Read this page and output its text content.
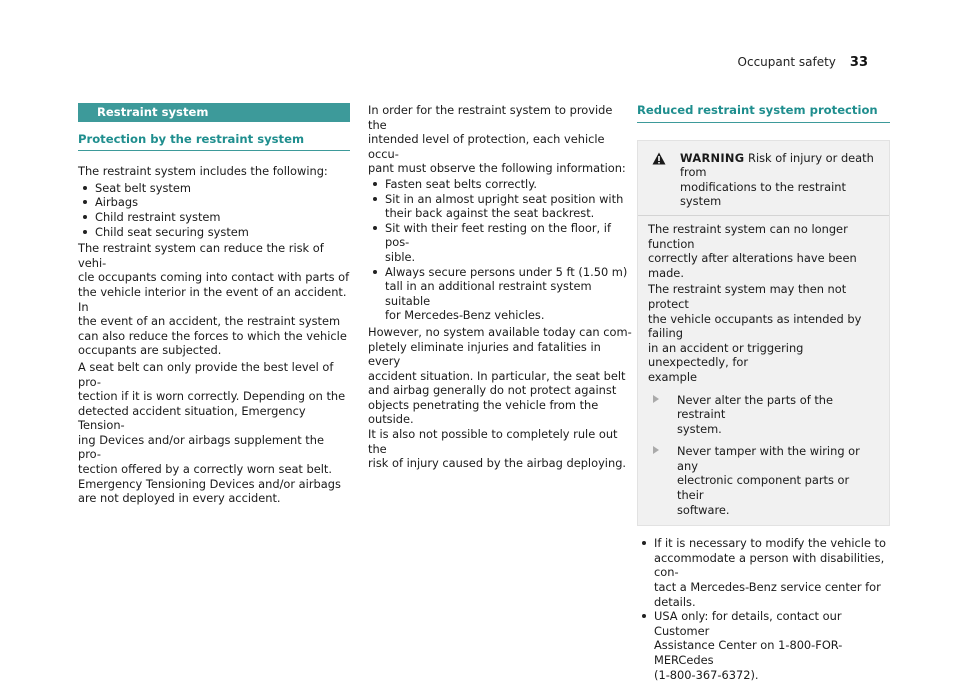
Occupant safety 33
Restraint system
Protection by the restraint system

The restraint system includes the following:

Seat belt system
Airbags
Child restraint system
Child seat securing system

The restraint system can reduce the risk of vehi-
cle occupants coming into contact with parts of
the vehicle interior in the event of an accident. In
the event of an accident, the restraint system
can also reduce the forces to which the vehicle
occupants are subjected.

A seat belt can only provide the best level of pro-
tection if it is worn correctly. Depending on the
detected accident situation, Emergency Tension-
ing Devices and/or airbags supplement the pro-
tection offered by a correctly worn seat belt.
Emergency Tensioning Devices and/or airbags
are not deployed in every accident.

In order for the restraint system to provide the
intended level of protection, each vehicle occu-
pant must observe the following information:

Fasten seat belts correctly.
Sit in an almost upright seat position with
their back against the seat backrest.
Sit with their feet resting on the floor, if pos-
sible.
Always secure persons under 5 ft (1.50 m)
tall in an additional restraint system suitable
for Mercedes-Benz vehicles.

However, no system available today can com-
pletely eliminate injuries and fatalities in every
accident situation. In particular, the seat belt
and airbag generally do not protect against
objects penetrating the vehicle from the outside.
It is also not possible to completely rule out the
risk of injury caused by the airbag deploying.

Reduced restraint system protection
WARNING Risk of injury or death from
modifications to the restraint system

The restraint system can no longer function
correctly after alterations have been made.

The restraint system may then not protect
the vehicle occupants as intended by failing
in an accident or triggering unexpectedly, for
example

Never alter the parts of the restraint
system.
Never tamper with the wiring or any
electronic component parts or their
software.
If it is necessary to modify the vehicle to
accommodate a person with disabilities, con-
tact a Mercedes-Benz service center for
details.
USA only: for details, contact our Customer
Assistance Center on 1-800-FOR-MERCedes
(1-800-367-6372).
